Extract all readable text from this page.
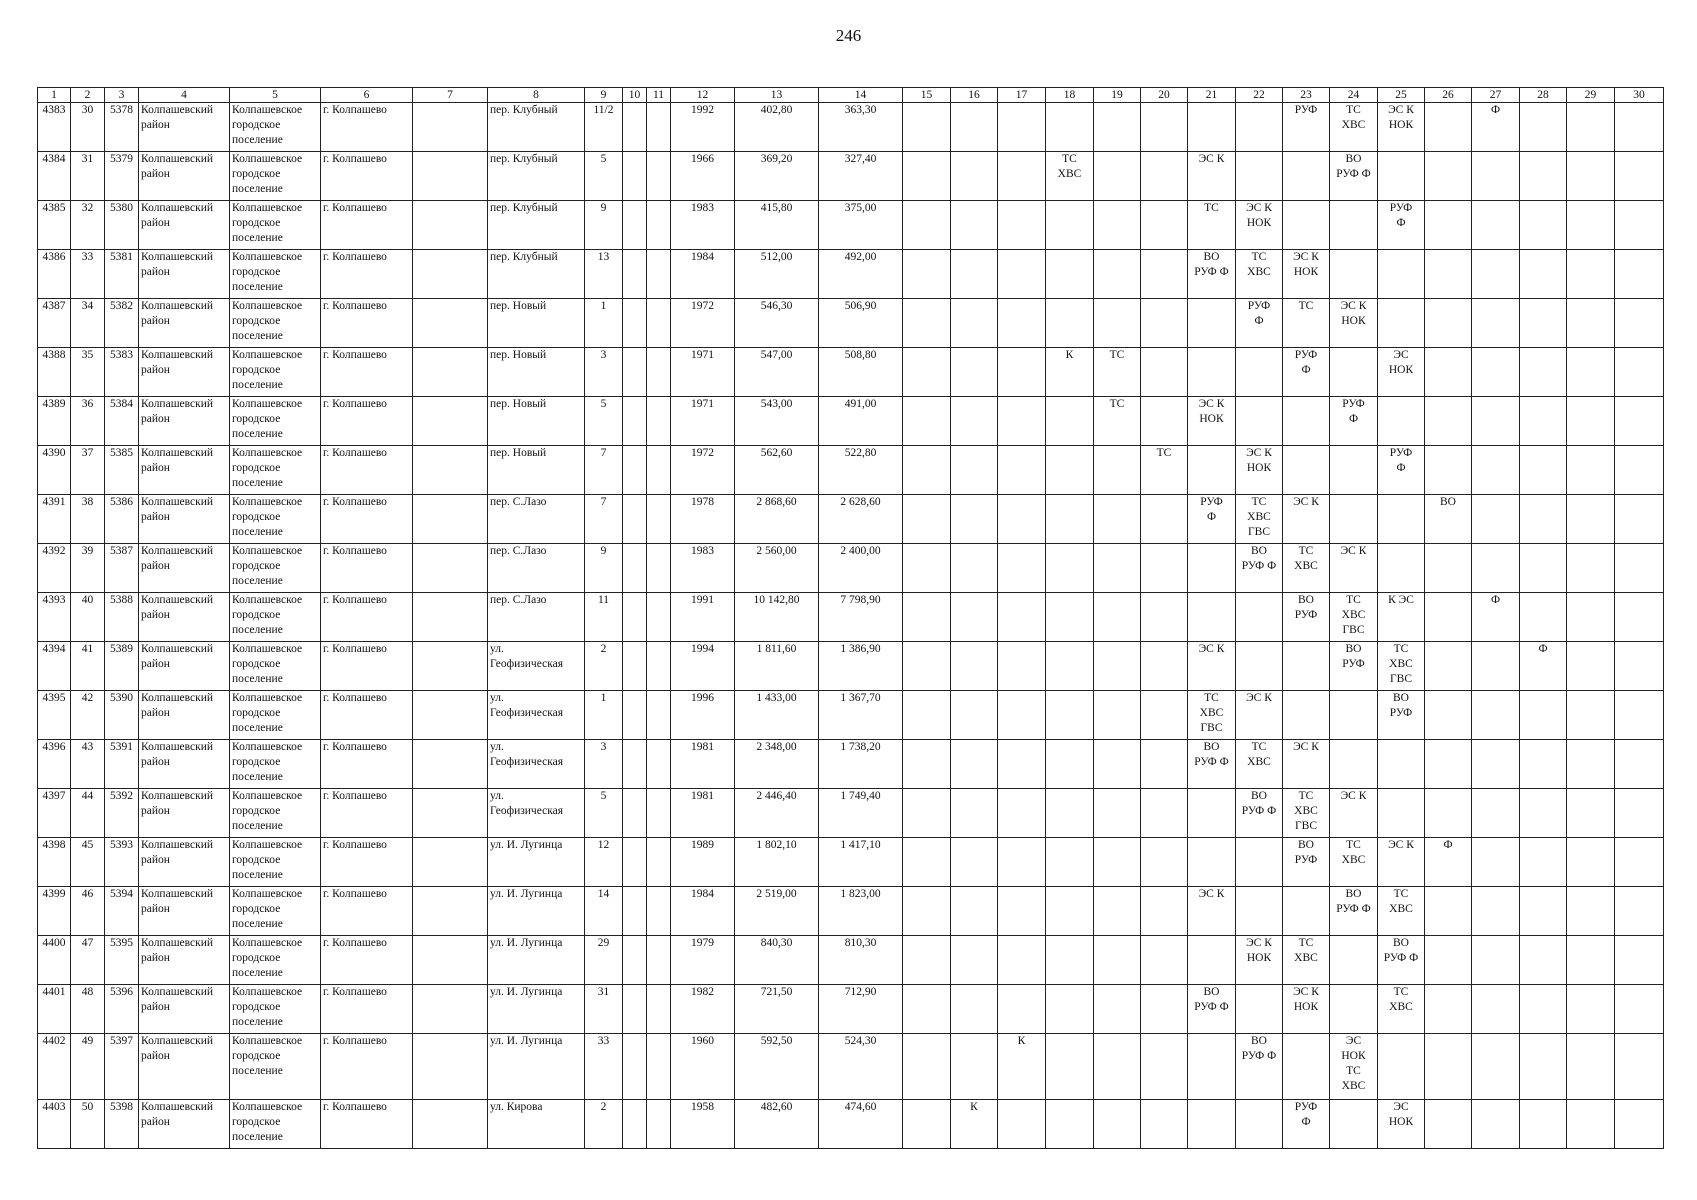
246
1	2	3	4	5	6	7	8	9	10	11	12	13	14	15	16	17	18	19	20	21	22	23	24	25	26	27	28	29	30
4383	30	5378	Колпашевский
район	Колпашевское
городское
поселение	г. Колпашево		пер. Клубный	11/2			1992	402,80	363,30									РУФ	ТС
ХВС	ЭС К
НОК		Ф			
4384	31	5379	Колпашевский
район	Колпашевское
городское
поселение	г. Колпашево		пер. Клубный	5			1966	369,20	327,40				ТС
ХВС			ЭС К			ВО
РУФ Ф						
4385	32	5380	Колпашевский
район	Колпашевское
городское
поселение	г. Колпашево		пер. Клубный	9			1983	415,80	375,00							ТС	ЭС К
НОК			РУФ
Ф					
4386	33	5381	Колпашевский
район	Колпашевское
городское
поселение	г. Колпашево		пер. Клубный	13			1984	512,00	492,00							ВО
РУФ Ф	ТС
ХВС	ЭС К
НОК							
4387	34	5382	Колпашевский
район	Колпашевское
городское
поселение	г. Колпашево		пер. Новый	1			1972	546,30	506,90								РУФ
Ф	ТС	ЭС К
НОК						
4388	35	5383	Колпашевский
район	Колпашевское
городское
поселение	г. Колпашево		пер. Новый	3			1971	547,00	508,80				К	ТС				РУФ
Ф		ЭС
НОК					
4389	36	5384	Колпашевский
район	Колпашевское
городское
поселение	г. Колпашево		пер. Новый	5			1971	543,00	491,00					ТС		ЭС К
НОК			РУФ
Ф						
4390	37	5385	Колпашевский
район	Колпашевское
городское
поселение	г. Колпашево		пер. Новый	7			1972	562,60	522,80						ТС		ЭС К
НОК			РУФ
Ф					
4391	38	5386	Колпашевский
район	Колпашевское
городское
поселение	г. Колпашево		пер. С.Лазо	7			1978	2 868,60	2 628,60							РУФ
Ф	ТС
ХВС
ГВС	ЭС К			ВО				
4392	39	5387	Колпашевский
район	Колпашевское
городское
поселение	г. Колпашево		пер. С.Лазо	9			1983	2 560,00	2 400,00								ВО
РУФ Ф	ТС
ХВС	ЭС К						
4393	40	5388	Колпашевский
район	Колпашевское
городское
поселение	г. Колпашево		пер. С.Лазо	11			1991	10 142,80	7 798,90									ВО
РУФ	ТС
ХВС
ГВС	К ЭС		Ф			
4394	41	5389	Колпашевский
район	Колпашевское
городское
поселение	г. Колпашево		ул.
Геофизическая	2			1994	1 811,60	1 386,90							ЭС К			ВО
РУФ	ТС
ХВС
ГВС			Ф		
4395	42	5390	Колпашевский
район	Колпашевское
городское
поселение	г. Колпашево		ул.
Геофизическая	1			1996	1 433,00	1 367,70							ТС
ХВС
ГВС	ЭС К			ВО
РУФ					
4396	43	5391	Колпашевский
район	Колпашевское
городское
поселение	г. Колпашево		ул.
Геофизическая	3			1981	2 348,00	1 738,20							ВО
РУФ Ф	ТС
ХВС	ЭС К							
4397	44	5392	Колпашевский
район	Колпашевское
городское
поселение	г. Колпашево		ул.
Геофизическая	5			1981	2 446,40	1 749,40								ВО
РУФ Ф	ТС
ХВС
ГВС	ЭС К						
4398	45	5393	Колпашевский
район	Колпашевское
городское
поселение	г. Колпашево		ул. И. Лугинца	12			1989	1 802,10	1 417,10									ВО
РУФ	ТС
ХВС	ЭС К	Ф				
4399	46	5394	Колпашевский
район	Колпашевское
городское
поселение	г. Колпашево		ул. И. Лугинца	14			1984	2 519,00	1 823,00							ЭС К			ВО
РУФ Ф	ТС
ХВС					
4400	47	5395	Колпашевский
район	Колпашевское
городское
поселение	г. Колпашево		ул. И. Лугинца	29			1979	840,30	810,30								ЭС К
НОК	ТС
ХВС		ВО
РУФ Ф					
4401	48	5396	Колпашевский
район	Колпашевское
городское
поселение	г. Колпашево		ул. И. Лугинца	31			1982	721,50	712,90							ВО
РУФ Ф		ЭС К
НОК		ТС
ХВС					
4402	49	5397	Колпашевский
район	Колпашевское
городское
поселение	г. Колпашево		ул. И. Лугинца	33			1960	592,50	524,30			К					ВО
РУФ Ф		ЭС
НОК
ТС
ХВС						
4403	50	5398	Колпашевский
район	Колпашевское
городское
поселение	г. Колпашево		ул. Кирова	2			1958	482,60	474,60		К							РУФ
Ф		ЭС
НОК					
